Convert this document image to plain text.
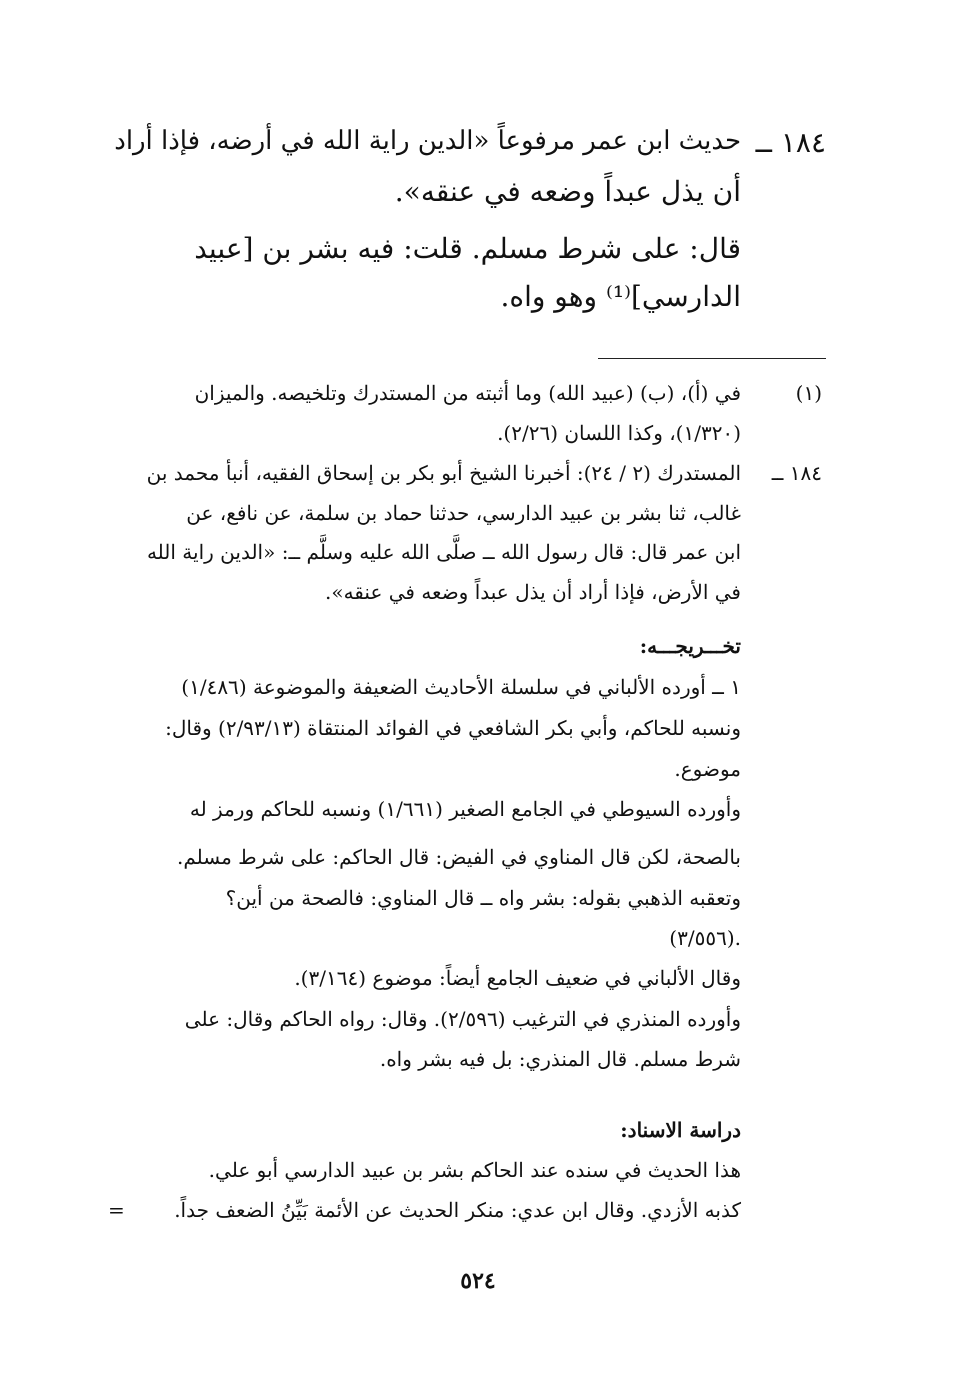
١٨٤ ــ
حديث ابن عمر مرفوعاً «الدين راية الله في أرضه، فإذا أراد
أن يذل عبداً وضعه في عنقه».
قال: على شرط مسلم. قلت: فيه بشر بن [عبيد
الدارسي]⁽¹⁾ وهو واه.
(١)
في (أ)، (ب) (عبيد الله) وما أثبته من المستدرك وتلخيصه. والميزان
(١/٣٢٠)، وكذا اللسان (٢/٢٦).
١٨٤ ــ
المستدرك (٢ / ٢٤): أخبرنا الشيخ أبو بكر بن إسحاق الفقيه، أنبأ محمد بن
غالب، ثنا بشر بن عبيد الدارسي، حدثنا حماد بن سلمة، عن نافع، عن
ابن عمر قال: قال رسول الله ــ صلَّى الله عليه وسلَّم ــ: «الدين راية الله
في الأرض، فإذا أراد أن يذل عبداً وضعه في عنقه».
تخـــريجـــه:
١ ــ أورده الألباني في سلسلة الأحاديث الضعيفة والموضوعة (١/٤٨٦)
ونسبه للحاكم، وأبي بكر الشافعي في الفوائد المنتقاة (٢/٩٣/١٣) وقال:
موضوع.
وأورده السيوطي في الجامع الصغير (١/٦٦١) ونسبه للحاكم ورمز له
بالصحة، لكن قال المناوي في الفيض: قال الحاكم: على شرط مسلم.
وتعقبه الذهبي بقوله: بشر واه ــ قال المناوي: فالصحة من أين؟
(٣/٥٥٦).
وقال الألباني في ضعيف الجامع أيضاً: موضوع (٣/١٦٤).
وأورده المنذري في الترغيب (٢/٥٩٦). وقال: رواه الحاكم وقال: على
شرط مسلم. قال المنذري: بل فيه بشر واه.
دراسة الاسناد:
هذا الحديث في سنده عند الحاكم بشر بن عبيد الدارسي أبو علي.
كذبه الأزدي. وقال ابن عدي: منكر الحديث عن الأئمة بَيِّنُ الضعف جداً.
=
٥٢٤
